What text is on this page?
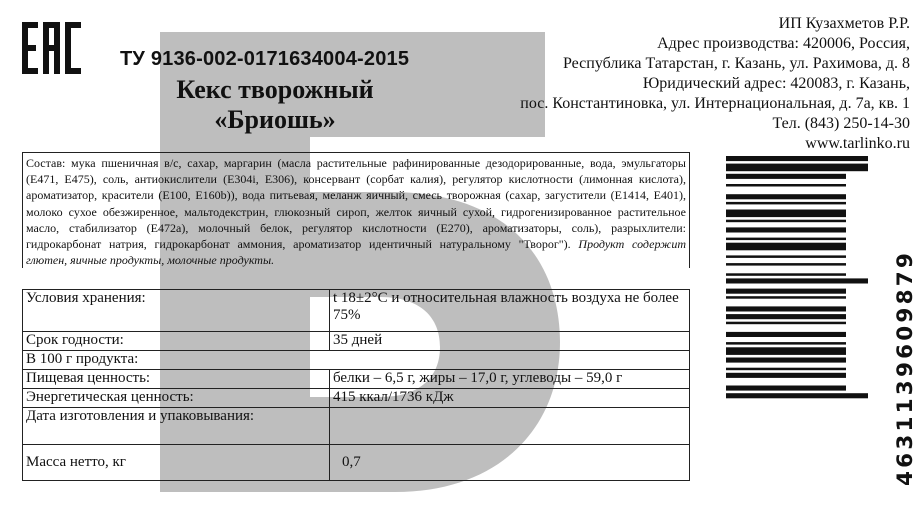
ТУ 9136-002-0171634004-2015
Кекс творожный
«Бриошь»
ИП Кузахметов Р.Р.
Адрес производства: 420006, Россия,
Республика Татарстан, г. Казань, ул. Рахимова, д. 8
Юридический адрес: 420083, г. Казань,
пос. Константиновка, ул. Интернациональная, д. 7а, кв. 1
Тел. (843) 250-14-30
www.tarlinko.ru
Состав: мука пшеничная в/с, сахар, маргарин (масла растительные рафинированные дезодорированные, вода, эмульгаторы (Е471, Е475), соль, антиокислители (Е304i, Е306), консервант (сорбат калия), регулятор кислотности (лимонная кислота), ароматизатор, красители (Е100, Е160b)), вода питьевая, меланж яичный, смесь творожная (сахар, загустители (Е1414, Е401), молоко сухое обезжиренное, мальтодекстрин, глюкозный сироп, желток яичный сухой, гидрогенизированное растительное масло, стабилизатор (Е472а), молочный белок, регулятор кислотности (Е270), ароматизаторы, соль), разрыхлители: гидрокарбонат натрия, гидрокарбонат аммония, ароматизатор идентичный натуральному "Творог"). Продукт содержит глютен, яичные продукты, молочные продукты.
Условия хранения:	t 18±2°С и относительная влажность воздуха не более 75%
Срок годности:	35 дней
В 100 г продукта:	
Пищевая ценность:	белки – 6,5 г, жиры – 17,0 г, углеводы – 59,0 г
Энергетическая ценность:	415 ккал/1736 кДж
Дата изготовления и упаковывания:	
Масса нетто, кг	0,7	4631139609879
